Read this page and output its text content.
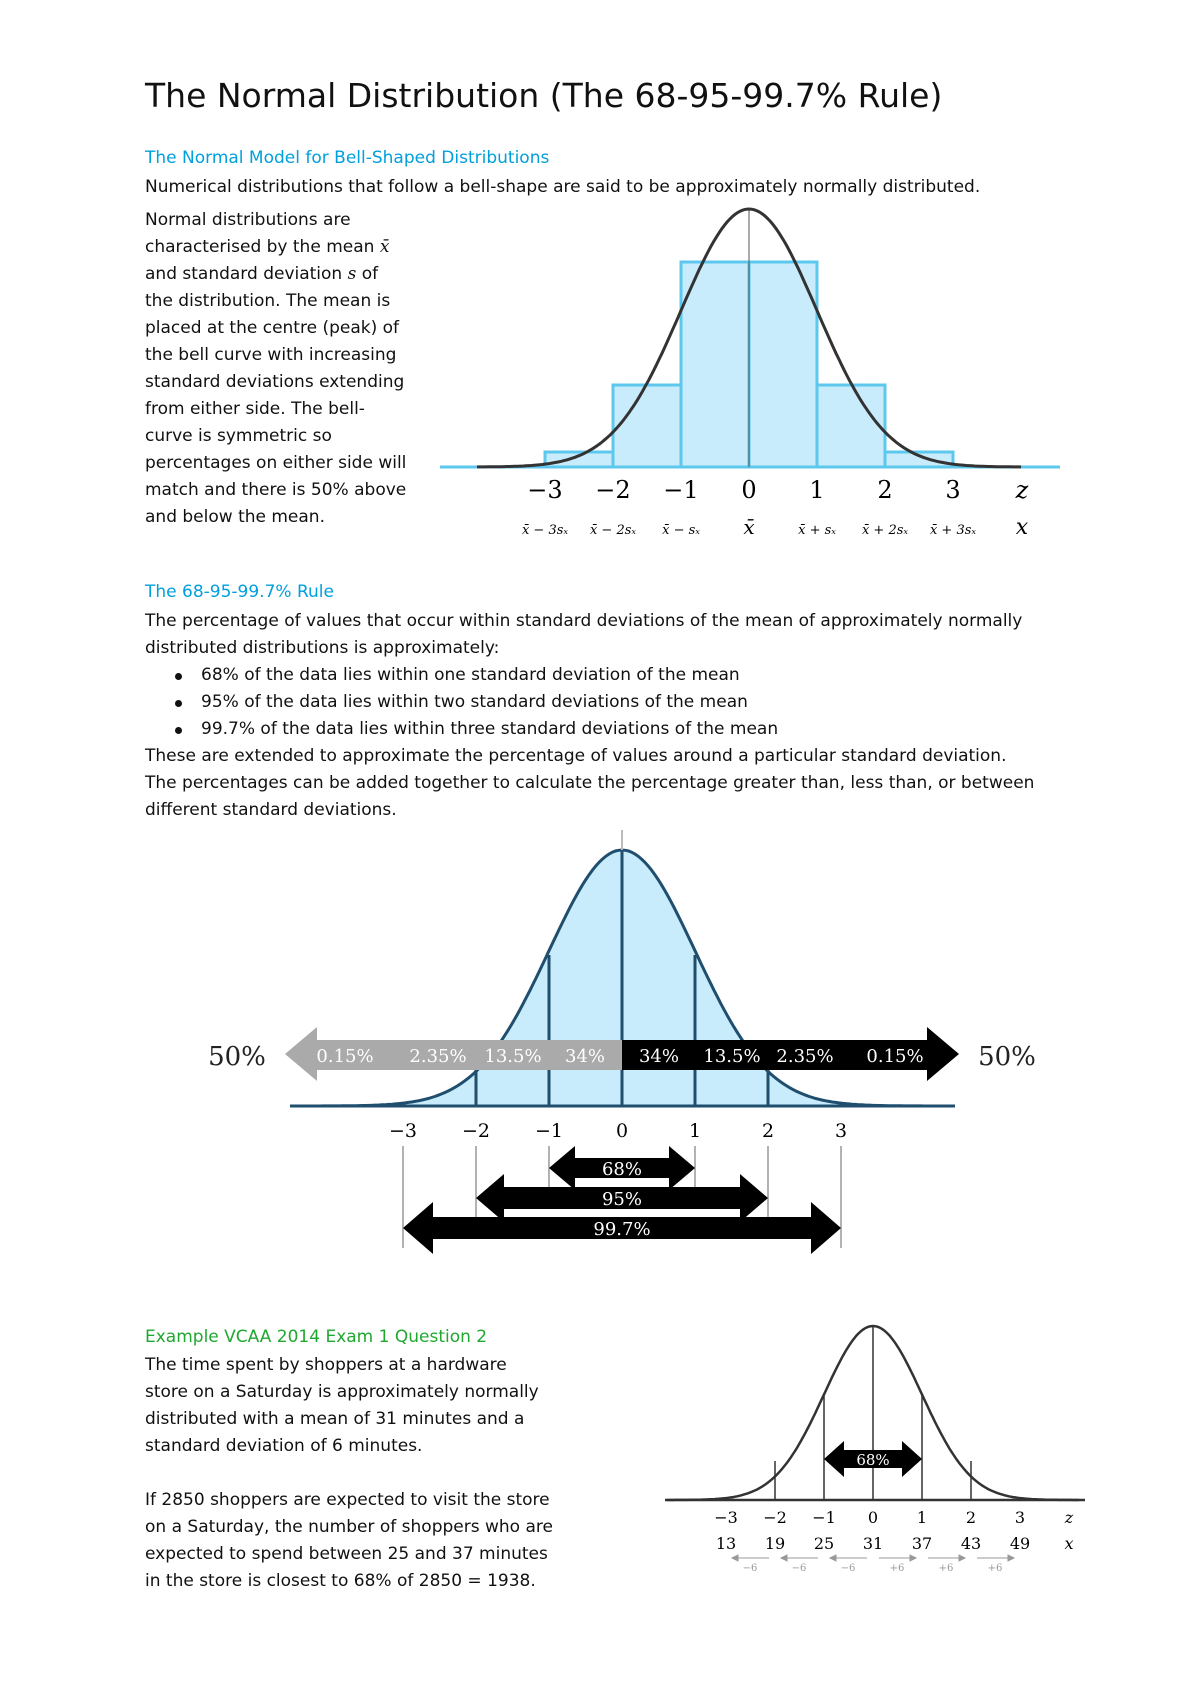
The Normal Distribution (The 68-95-99.7% Rule)
The Normal Model for Bell-Shaped Distributions
Numerical distributions that follow a bell-shape are said to be approximately normally distributed.
Normal distributions are
characterised by the mean x̄
and standard deviation s of
the distribution. The mean is
placed at the centre (peak) of
the bell curve with increasing
standard deviations extending
from either side. The bell-
curve is symmetric so
percentages on either side will
match and there is 50% above
and below the mean.
−3 −2 −1 0 1 2 3 z
x̄ − 3sₓ x̄ − 2sₓ x̄ − sₓ x̄	x̄ + sₓ x̄ + 2sₓ x̄ + 3sₓ x
The 68-95-99.7% Rule
The percentage of values that occur within standard deviations of the mean of approximately normally
distributed distributions is approximately:
68% of the data lies within one standard deviation of the mean
95% of the data lies within two standard deviations of the mean
99.7% of the data lies within three standard deviations of the mean
These are extended to approximate the percentage of values around a particular standard deviation.
The percentages can be added together to calculate the percentage greater than, less than, or between
different standard deviations.
50%	50%
0.15% 2.35% 13.5% 34% 34% 13.5% 2.35% 0.15%
−3 −2 −1	0	1	2	3
68%
95%
99.7%
Example VCAA 2014 Exam 1 Question 2
The time spent by shoppers at a hardware
store on a Saturday is approximately normally
distributed with a mean of 31 minutes and a
standard deviation of 6 minutes.
If 2850 shoppers are expected to visit the store
on a Saturday, the number of shoppers who are
expected to spend between 25 and 37 minutes
in the store is closest to 68% of 2850 = 1938.
68%
−3 −2 −1 0 1 2 3 z
13 19 25 31 37 43 49 x
−6	−6	−6	+6	+6	+6
